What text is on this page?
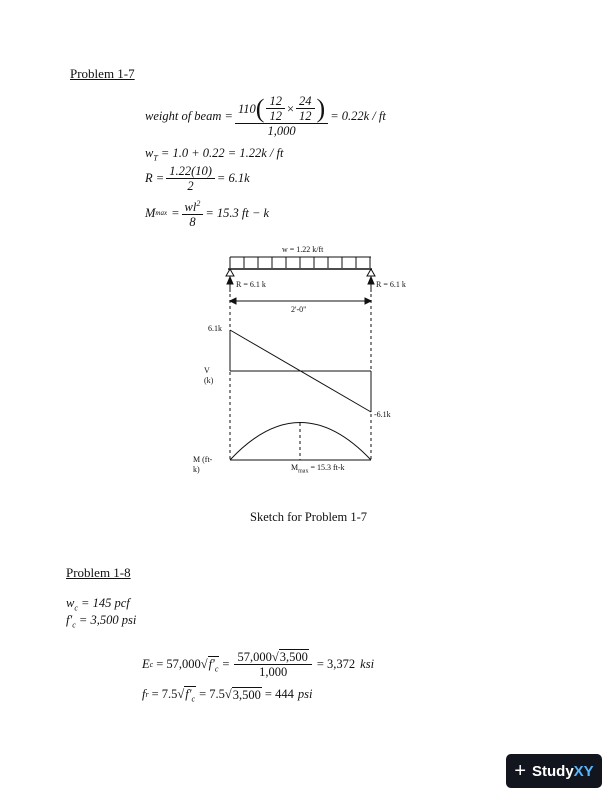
Problem 1-7
weight of beam = $\frac{110 ( \frac{12}{12} \times \frac{24}{12} )}{1,000} = 0.22k$ / ft
$w_T = 1.0 + 0.22 = 1.22k$ / ft
$R = \frac{1.22(10)}{2} = 6.1k$
M $\max = \frac{wl^2}{8} = 15.3$ ft − k
w = 1.22 k/ft
R = 6.1 k	R = 6.1 k
2'-0"
6.1k
-6.1k
V
(k)
M (ft-
k)	$M_{max} = 15.3$ ft-k
Sketch for Problem 1-7
Problem 1-8
$w_c = 145$ pcf
$f'_c = 3,500$ psi
E c = 57,000 √ $f'_c = \frac{57,000√3,500}{1,000} = 3,372$ ksi
f r = 7.5 √ $f'_c = 7.5$ √ 3,500 = 444 psi
+ StudyXY
